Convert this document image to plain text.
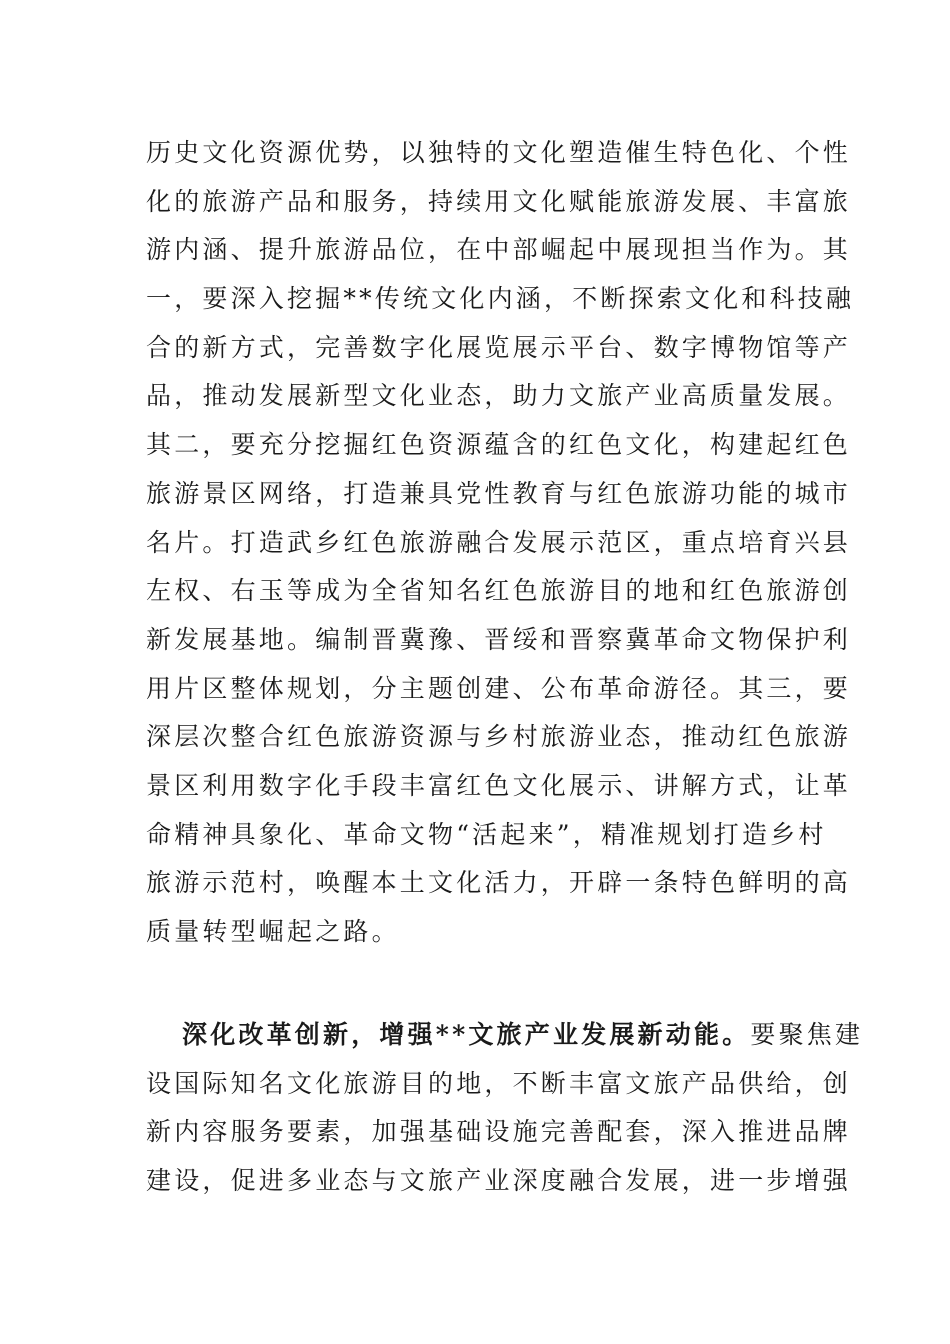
历史文化资源优势，以独特的文化塑造催生特色化、个性
化的旅游产品和服务，持续用文化赋能旅游发展、丰富旅
游内涵、提升旅游品位，在中部崛起中展现担当作为。其
一，要深入挖掘**传统文化内涵，不断探索文化和科技融
合的新方式，完善数字化展览展示平台、数字博物馆等产
品，推动发展新型文化业态，助力文旅产业高质量发展。
其二，要充分挖掘红色资源蕴含的红色文化，构建起红色
旅游景区网络，打造兼具党性教育与红色旅游功能的城市
名片。打造武乡红色旅游融合发展示范区，重点培育兴县
左权、右玉等成为全省知名红色旅游目的地和红色旅游创
新发展基地。编制晋冀豫、晋绥和晋察冀革命文物保护利
用片区整体规划，分主题创建、公布革命游径。其三，要
深层次整合红色旅游资源与乡村旅游业态，推动红色旅游
景区利用数字化手段丰富红色文化展示、讲解方式，让革
命精神具象化、革命文物“活起来”，精准规划打造乡村
旅游示范村，唤醒本土文化活力，开辟一条特色鲜明的高
质量转型崛起之路。
深化改革创新，增强**文旅产业发展新动能。要聚焦建
设国际知名文化旅游目的地，不断丰富文旅产品供给，创
新内容服务要素，加强基础设施完善配套，深入推进品牌
建设，促进多业态与文旅产业深度融合发展，进一步增强
